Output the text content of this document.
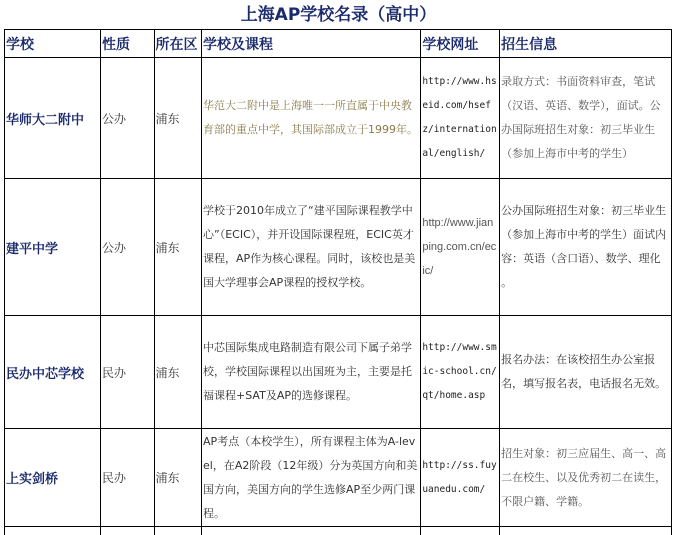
上海AP学校名录（高中）
学校	性质	所在区	学校及课程	学校网址	招生信息
华师大二附中	公办	浦东	华范大二附中是上海唯一一所直属于中央教育部的重点中学，其国际部成立于1999年。	http://www.hseid.com/hsefz/international/english/	录取方式：书面资料审查，笔试（汉语、英语、数学），面试。公办国际班招生对象：初三毕业生（参加上海市中考的学生）
建平中学	公办	浦东	学校于2010年成立了“建平国际课程教学中心”（ECIC），并开设国际课程班，ECIC英才课程，AP作为核心课程。同时，该校也是美国大学理事会AP课程的授权学校。	http://www.jianping.com.cn/ecic/	公办国际班招生对象：初三毕业生（参加上海市中考的学生）面试内容：英语（含口语）、数学、理化 。
民办中芯学校	民办	浦东	中芯国际集成电路制造有限公司下属子弟学校，学校国际课程以出国班为主，主要是托福课程+SAT及AP的选修课程。	http://www.smic-school.cn/qt/home.asp	报名办法：在该校招生办公室报名，填写报名表，电话报名无效。
上实剑桥	民办	浦东	AP考点（本校学生），所有课程主体为A-level，在A2阶段（12年级）分为英国方向和美国方向，美国方向的学生选修AP至少两门课程。	http://ss.fuyuanedu.com/	招生对象：初三应届生、高一、高二在校生、以及优秀初二在读生，不限户籍、学籍。
